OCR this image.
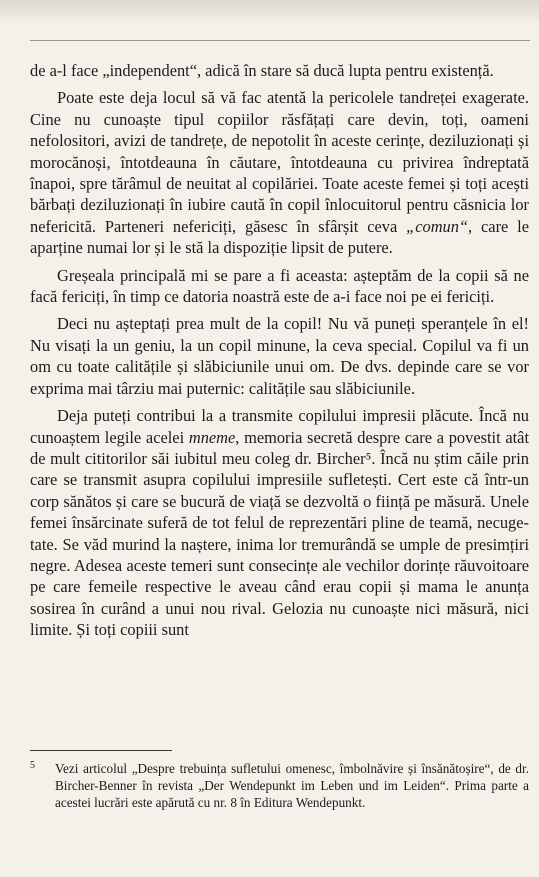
de a-l face „independent“, adică în stare să ducă lupta pentru existență.

Poate este deja locul să vă fac atentă la pericolele tandreței exagerate. Cine nu cunoaște tipul copiilor răsfățați care devin, toți, oameni nefolositori, avizi de tandrețe, de nepotolit în aceste cerințe, deziluzionați și morocănoși, întotdeauna în căutare, întotdeauna cu privirea îndreptată înapoi, spre tărâmul de neuitat al copilăriei. Toate aceste femei și toți acești bărbați deziluzionați în iubire caută în copil înlocuitorul pentru căsnicia lor nefericită. Parteneri nefericiți, găsesc în sfârșit ceva „comun“, care le aparține numai lor și le stă la dispoziție lipsit de putere.

Greșeala principală mi se pare a fi aceasta: așteptăm de la copii să ne facă fericiți, în timp ce datoria noastră este de a-i face noi pe ei fericiți.

Deci nu așteptați prea mult de la copil! Nu vă puneți speranțele în el! Nu visați la un geniu, la un copil minune, la ceva special. Copilul va fi un om cu toate calitățile și slăbiciunile unui om. De dvs. depinde care se vor exprima mai târziu mai puternic: calitățile sau slăbiciunile.

Deja puteți contribui la a transmite copilului impresii plăcute. Încă nu cunoaștem legile acelei mneme, memoria secretă despre care a povestit atât de mult cititorilor săi iubitul meu coleg dr. Bircher⁵. Încă nu știm căile prin care se transmit asupra copilului impresiile sufletești. Cert este că într-un corp sănătos și care se bucură de viață se dezvoltă o ființă pe măsură. Unele femei însărcinate suferă de tot felul de reprezentări pline de teamă, necugetate. Se văd murind la naștere, inima lor tremurândă se umple de presimțiri negre. Adesea aceste temeri sunt consecințe ale vechilor dorințe răuvoitoare pe care femeile respective le aveau când erau copii și mama le anunța sosirea în curând a unui nou rival. Gelozia nu cunoaște nici măsură, nici limite. Și toți copiii sunt

5 Vezi articolul „Despre trebuința sufletului omenesc, îmbolnăvire și însănătoșire“, de dr. Bircher-Benner în revista „Der Wendepunkt im Leben und im Leiden“. Prima parte a acestei lucrări este apărută cu nr. 8 în Editura Wendepunkt.
